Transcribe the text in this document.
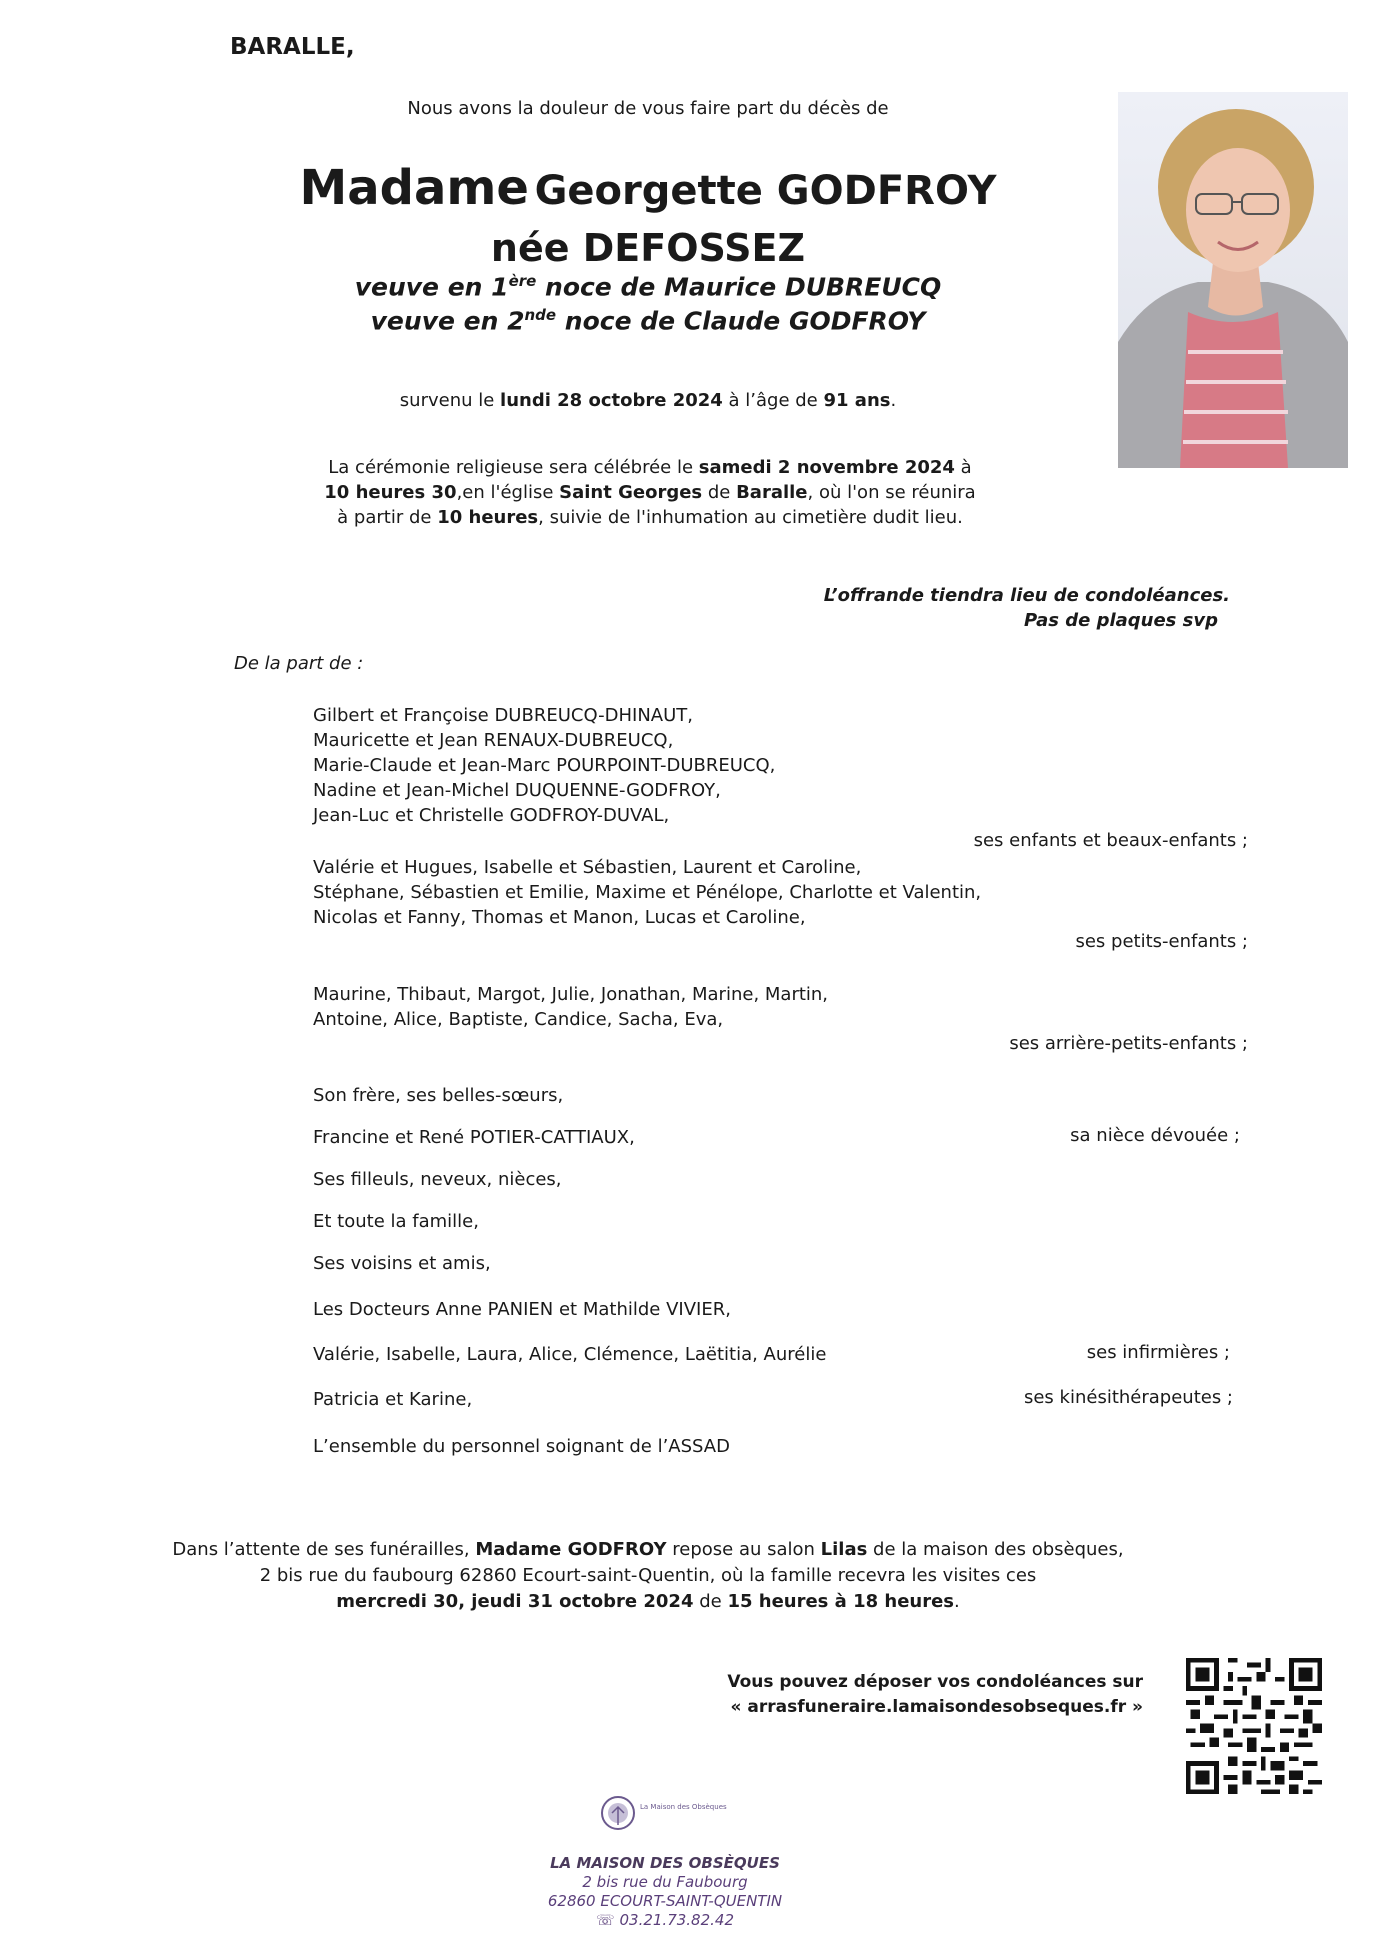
BARALLE,
Nous avons la douleur de vous faire part du décès de
Madame Georgette GODFROY
née DEFOSSEZ
veuve en 1ère noce de Maurice DUBREUCQ
veuve en 2nde noce de Claude GODFROY
survenu le lundi 28 octobre 2024 à l’âge de 91 ans.
La cérémonie religieuse sera célébrée le samedi 2 novembre 2024 à
10 heures 30,en l'église Saint Georges de Baralle, où l'on se réunira
à partir de 10 heures, suivie de l'inhumation au cimetière dudit lieu.
L’offrande tiendra lieu de condoléances.
Pas de plaques svp
De la part de :
Gilbert et Françoise DUBREUCQ-DHINAUT,
Mauricette et Jean RENAUX-DUBREUCQ,
Marie-Claude et Jean-Marc POURPOINT-DUBREUCQ,
Nadine et Jean-Michel DUQUENNE-GODFROY,
Jean-Luc et Christelle GODFROY-DUVAL,
ses enfants et beaux-enfants ;
Valérie et Hugues, Isabelle et Sébastien, Laurent et Caroline,
Stéphane, Sébastien et Emilie, Maxime et Pénélope, Charlotte et Valentin,
Nicolas et Fanny, Thomas et Manon, Lucas et Caroline,
ses petits-enfants ;
Maurine, Thibaut, Margot, Julie, Jonathan, Marine, Martin,
Antoine, Alice, Baptiste, Candice, Sacha, Eva,
ses arrière-petits-enfants ;
Son frère, ses belles-sœurs,
Francine et René POTIER-CATTIAUX,	sa nièce dévouée ;
Ses filleuls, neveux, nièces,
Et toute la famille,
Ses voisins et amis,
Les Docteurs Anne PANIEN et Mathilde VIVIER,
Valérie, Isabelle, Laura, Alice, Clémence, Laëtitia, Aurélie	ses infirmières ;
Patricia et Karine,	ses kinésithérapeutes ;
L’ensemble du personnel soignant de l’ASSAD
Dans l’attente de ses funérailles, Madame GODFROY repose au salon Lilas de la maison des obsèques,
2 bis rue du faubourg 62860 Ecourt-saint-Quentin, où la famille recevra les visites ces
mercredi 30, jeudi 31 octobre 2024 de 15 heures à 18 heures.
Vous pouvez déposer vos condoléances sur
« arrasfuneraire.lamaisondesobseques.fr »
La Maison des Obsèques
LA MAISON DES OBSÈQUES
2 bis rue du Faubourg
62860 ECOURT-SAINT-QUENTIN
☏ 03.21.73.82.42
